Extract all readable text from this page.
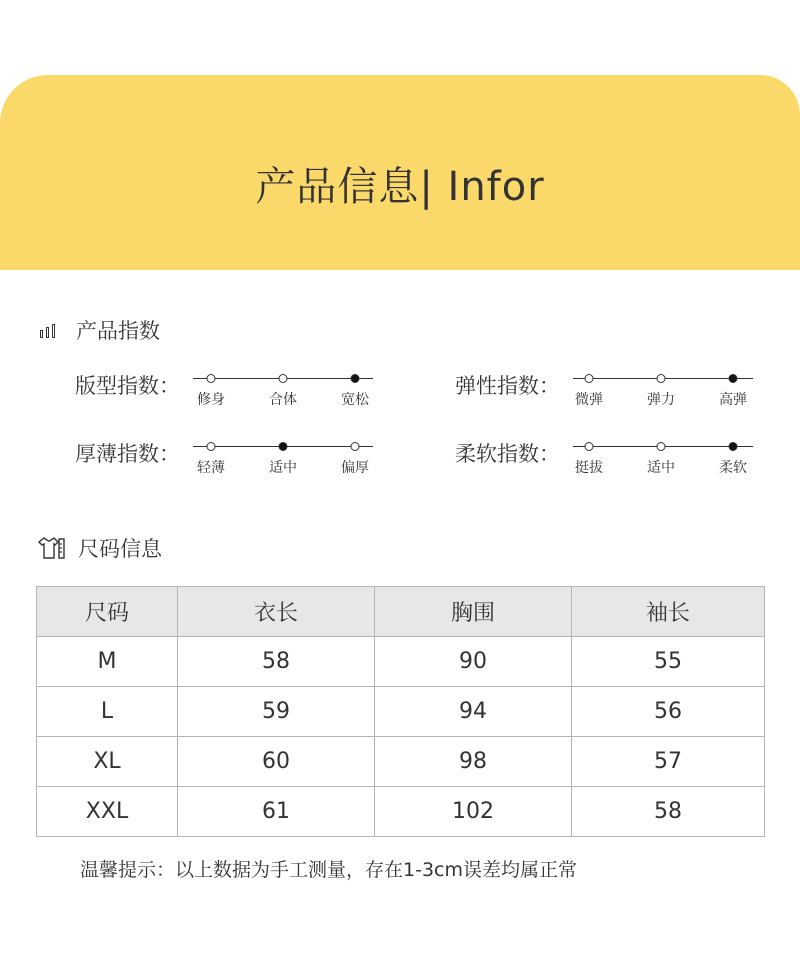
产品信息| Infor
产品指数
版型指数：
修身	合体	宽松
弹性指数：
微弹	弹力	高弹
厚薄指数：
轻薄	适中	偏厚
柔软指数：
挺拔	适中	柔软
尺码信息
尺码	衣长	胸围	袖长
M	58	90	55
L	59	94	56
XL	60	98	57
XXL	61	102	58
温馨提示：以上数据为手工测量，存在1-3cm误差均属正常
